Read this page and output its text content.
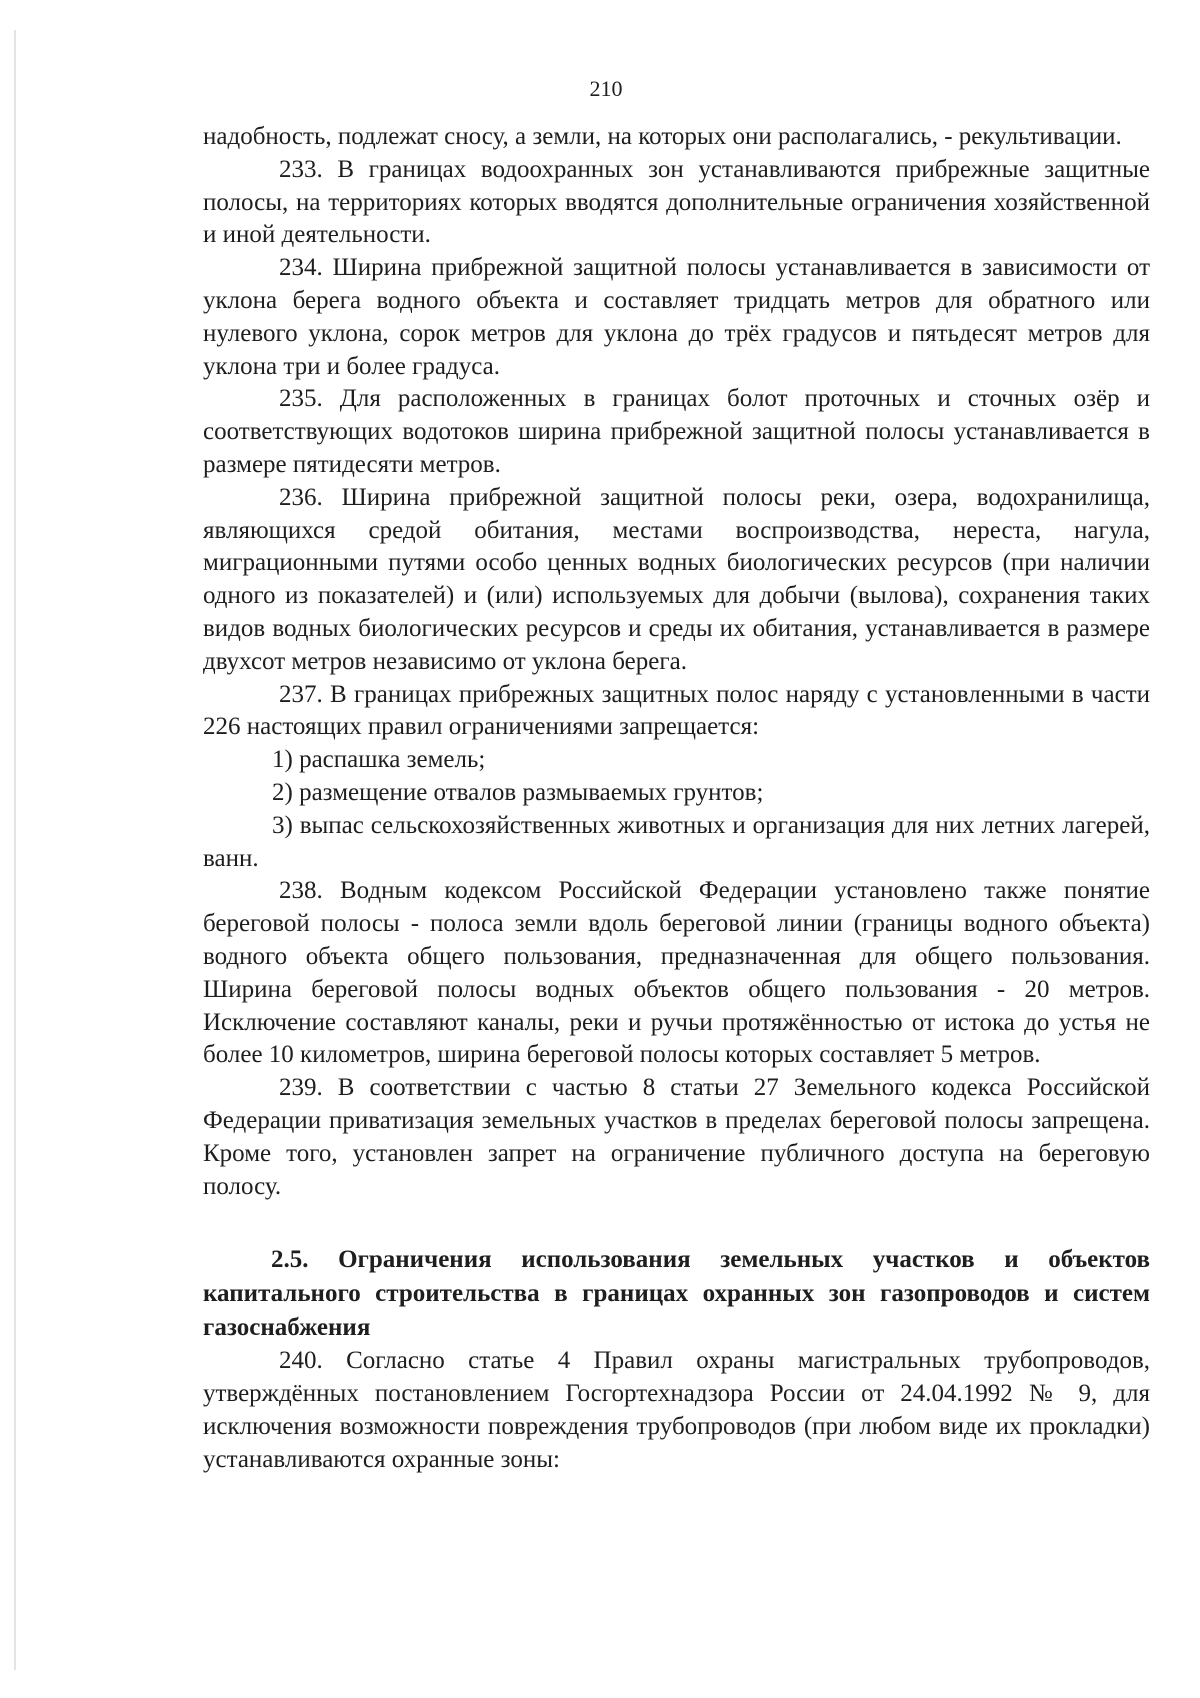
210

надобность, подлежат сносу, а земли, на которых они располагались, - рекультивации.

233. В границах водоохранных зон устанавливаются прибрежные защитные полосы, на территориях которых вводятся дополнительные ограничения хозяйственной и иной деятельности.

234. Ширина прибрежной защитной полосы устанавливается в зависимости от уклона берега водного объекта и составляет тридцать метров для обратного или нулевого уклона, сорок метров для уклона до трёх градусов и пятьдесят метров для уклона три и более градуса.

235. Для расположенных в границах болот проточных и сточных озёр и соответствующих водотоков ширина прибрежной защитной полосы устанавливается в размере пятидесяти метров.

236. Ширина прибрежной защитной полосы реки, озера, водохранилища, являющихся средой обитания, местами воспроизводства, нереста, нагула, миграционными путями особо ценных водных биологических ресурсов (при наличии одного из показателей) и (или) используемых для добычи (вылова), сохранения таких видов водных биологических ресурсов и среды их обитания, устанавливается в размере двухсот метров независимо от уклона берега.

237. В границах прибрежных защитных полос наряду с установленными в части 226 настоящих правил ограничениями запрещается:

1) распашка земель;

2) размещение отвалов размываемых грунтов;

3) выпас сельскохозяйственных животных и организация для них летних лагерей, ванн.

238. Водным кодексом Российской Федерации установлено также понятие береговой полосы - полоса земли вдоль береговой линии (границы водного объекта) водного объекта общего пользования, предназначенная для общего пользования. Ширина береговой полосы водных объектов общего пользования - 20 метров. Исключение составляют каналы, реки и ручьи протяжённостью от истока до устья не более 10 километров, ширина береговой полосы которых составляет 5 метров.

239. В соответствии с частью 8 статьи 27 Земельного кодекса Российской Федерации приватизация земельных участков в пределах береговой полосы запрещена. Кроме того, установлен запрет на ограничение публичного доступа на береговую полосу.

2.5. Ограничения использования земельных участков и объектов капитального строительства в границах охранных зон газопроводов и систем газоснабжения

240. Согласно статье 4 Правил охраны магистральных трубопроводов, утверждённых постановлением Госгортехнадзора России от 24.04.1992 № 9, для исключения возможности повреждения трубопроводов (при любом виде их прокладки) устанавливаются охранные зоны:
